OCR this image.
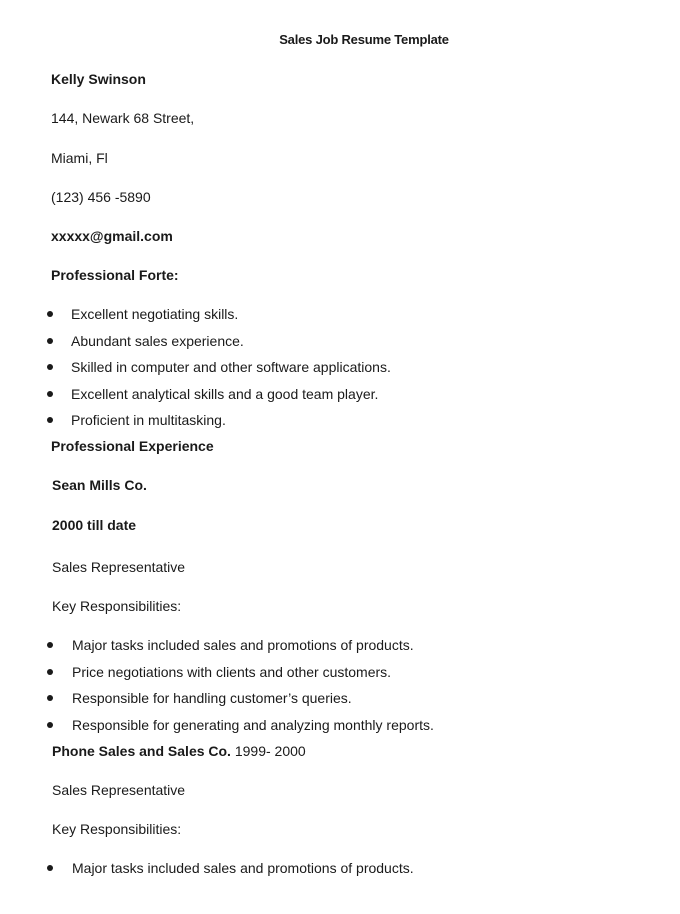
Sales Job Resume Template
Kelly Swinson
144, Newark 68 Street,
Miami, Fl
(123) 456 -5890
xxxxx@gmail.com
Professional Forte:
Excellent negotiating skills.
Abundant sales experience.
Skilled in computer and other software applications.
Excellent analytical skills and a good team player.
Proficient in multitasking.
Professional Experience
Sean Mills Co.
2000 till date
Sales Representative
Key Responsibilities:
Major tasks included sales and promotions of products.
Price negotiations with clients and other customers.
Responsible for handling customer’s queries.
Responsible for generating and analyzing monthly reports.
Phone Sales and Sales Co. 1999- 2000
Sales Representative
Key Responsibilities:
Major tasks included sales and promotions of products.
